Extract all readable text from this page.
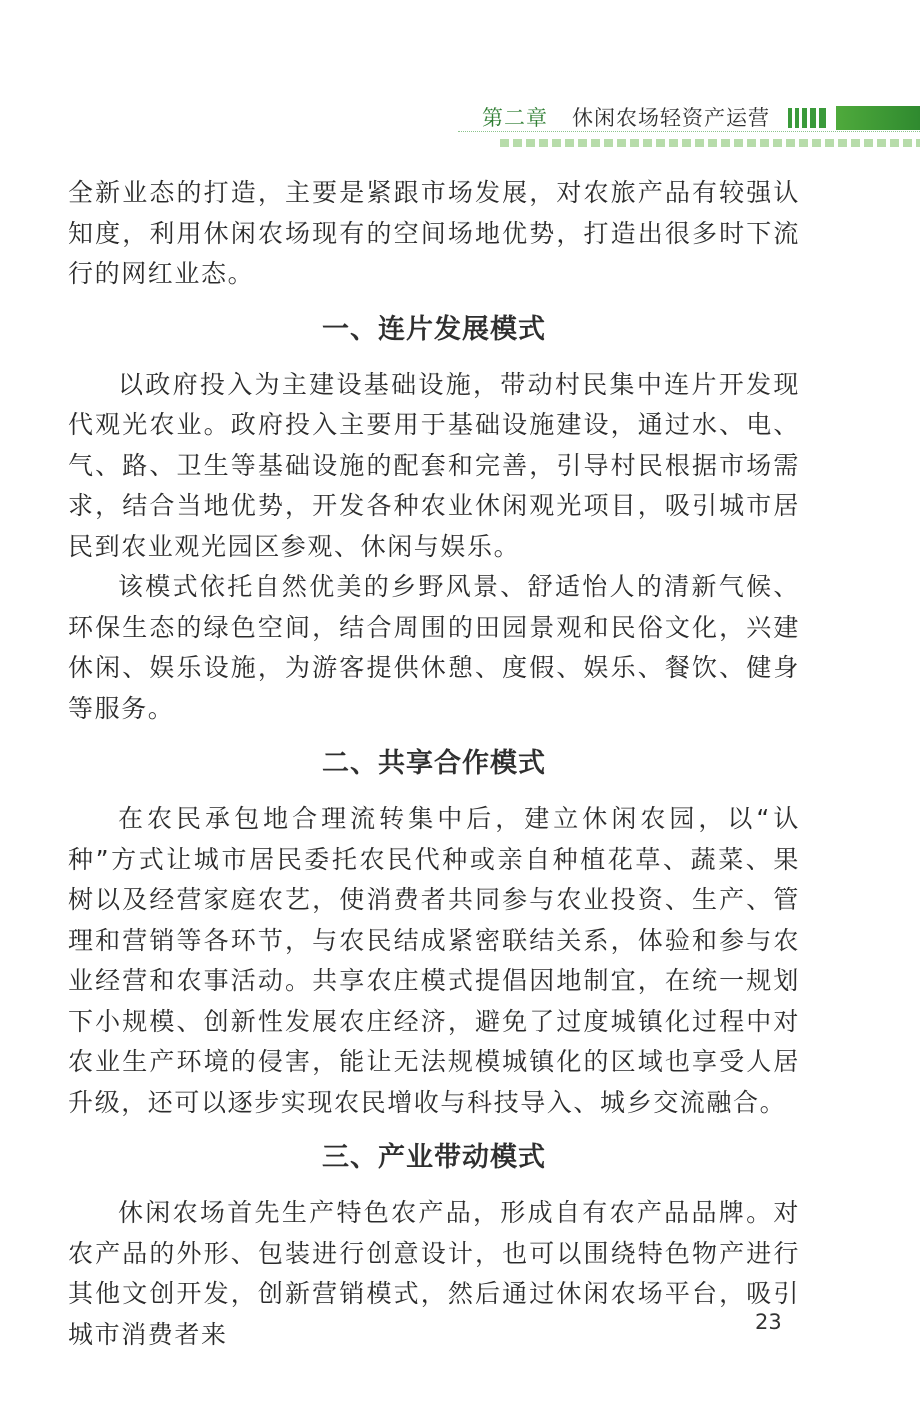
第二章 休闲农场轻资产运营

全新业态的打造，主要是紧跟市场发展，对农旅产品有较强认知度，利用休闲农场现有的空间场地优势，打造出很多时下流行的网红业态。

一、连片发展模式

以政府投入为主建设基础设施，带动村民集中连片开发现代观光农业。政府投入主要用于基础设施建设，通过水、电、气、路、卫生等基础设施的配套和完善，引导村民根据市场需求，结合当地优势，开发各种农业休闲观光项目，吸引城市居民到农业观光园区参观、休闲与娱乐。

该模式依托自然优美的乡野风景、舒适怡人的清新气候、环保生态的绿色空间，结合周围的田园景观和民俗文化，兴建休闲、娱乐设施，为游客提供休憩、度假、娱乐、餐饮、健身等服务。

二、共享合作模式

在农民承包地合理流转集中后，建立休闲农园，以“认种”方式让城市居民委托农民代种或亲自种植花草、蔬菜、果树以及经营家庭农艺，使消费者共同参与农业投资、生产、管理和营销等各环节，与农民结成紧密联结关系，体验和参与农业经营和农事活动。共享农庄模式提倡因地制宜，在统一规划下小规模、创新性发展农庄经济，避免了过度城镇化过程中对农业生产环境的侵害，能让无法规模城镇化的区域也享受人居升级，还可以逐步实现农民增收与科技导入、城乡交流融合。

三、产业带动模式

休闲农场首先生产特色农产品，形成自有农产品品牌。对农产品的外形、包装进行创意设计，也可以围绕特色物产进行其他文创开发，创新营销模式，然后通过休闲农场平台，吸引城市消费者来	23
